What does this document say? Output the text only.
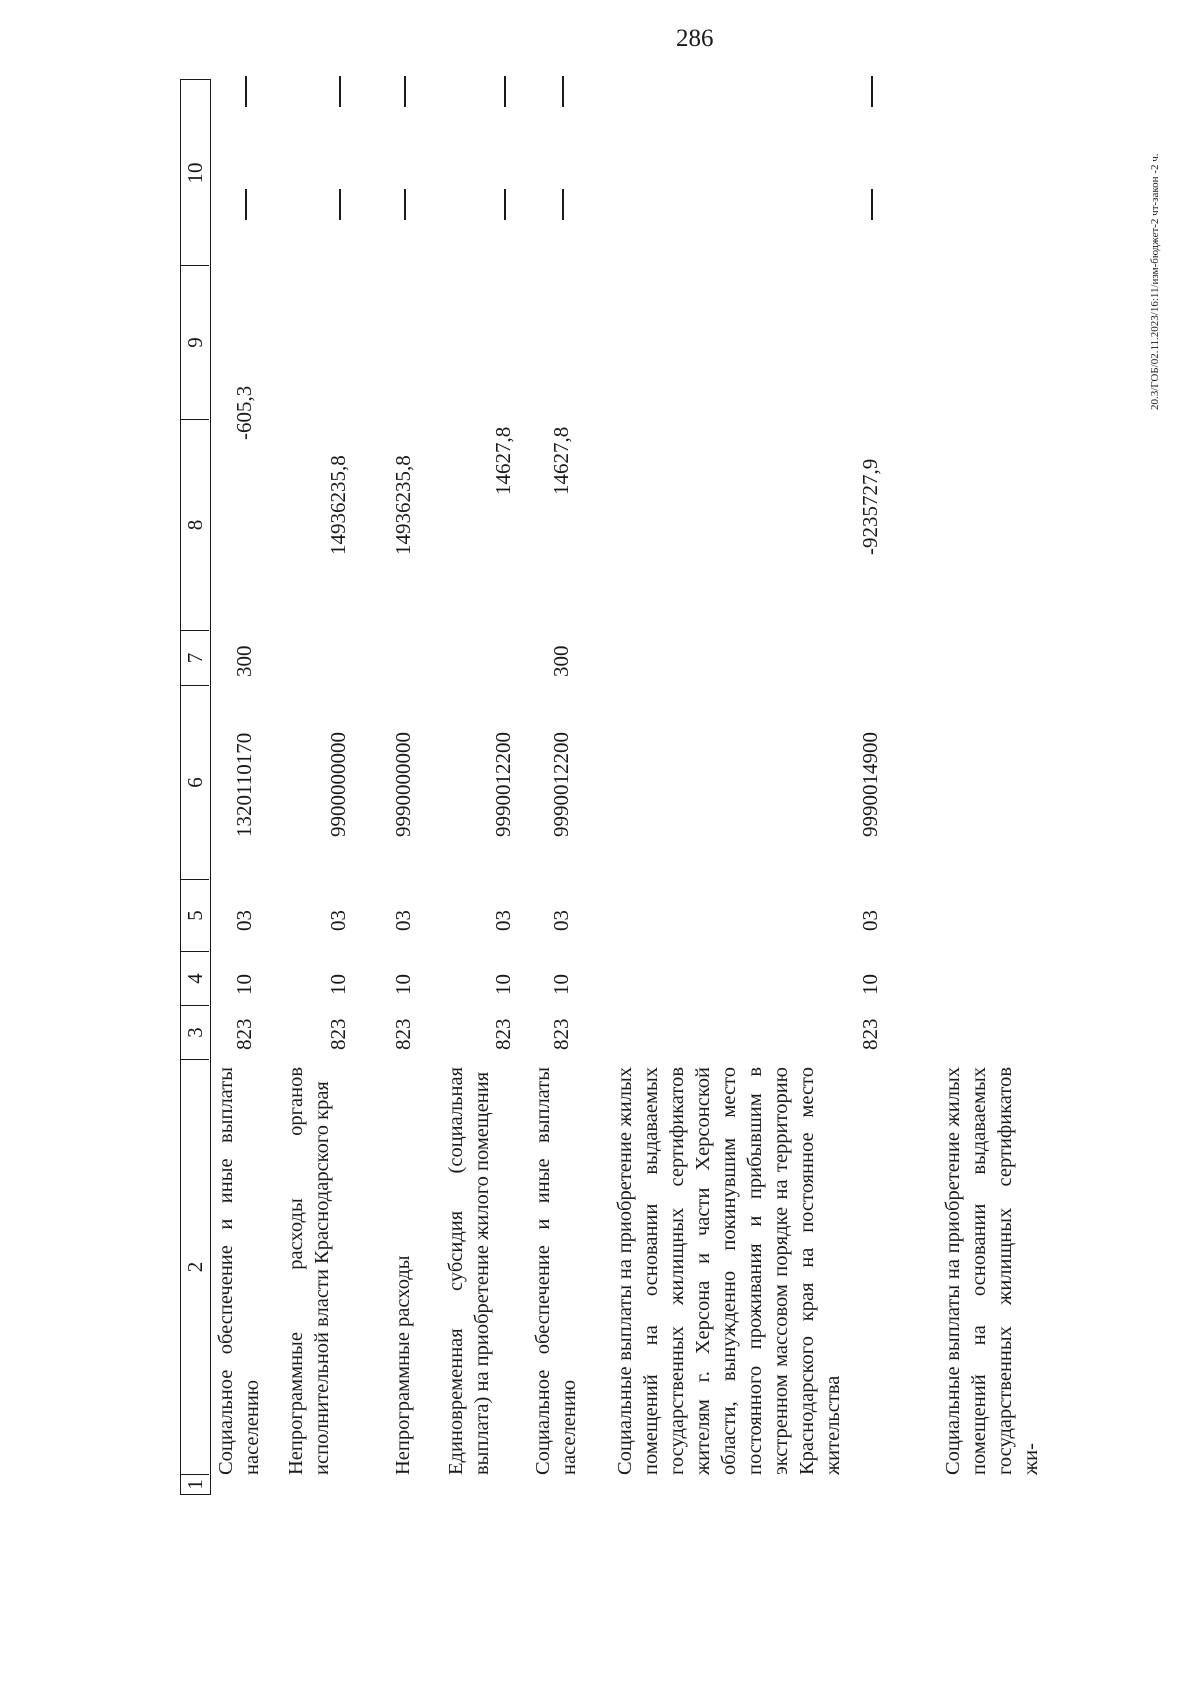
286
20.3/ГОБ/02.11.2023/16:11/изм-бюджет-2 чт-закон -2 ч.
1
2
3
4
5
6
7
8
9
10
Социальное обеспечение и иные выплаты населению
823
10
03
1320110170
300
-605,3
Непрограммные расходы органов исполнительной власти Краснодарского края
823
10
03
9900000000
14936235,8
Непрограммные расходы
823
10
03
9990000000
14936235,8
Единовременная субсидия (социальная выплата) на приобретение жилого помещения
823
10
03
9990012200
14627,8
Социальное обеспечение и иные выплаты населению
823
10
03
9990012200
300
14627,8
Социальные выплаты на приобретение жилых помещений на основании выдаваемых государственных жилищных сертификатов жителям г. Херсона и части Херсонской области, вынужденно покинувшим место постоянного проживания и прибывшим в экстренном массовом порядке на территорию Краснодарского края на постоянное место жительства
823
10
03
9990014900
-9235727,9
Социальные выплаты на приобретение жилых помещений на основании выдаваемых государственных жилищных сертификатов жи-
